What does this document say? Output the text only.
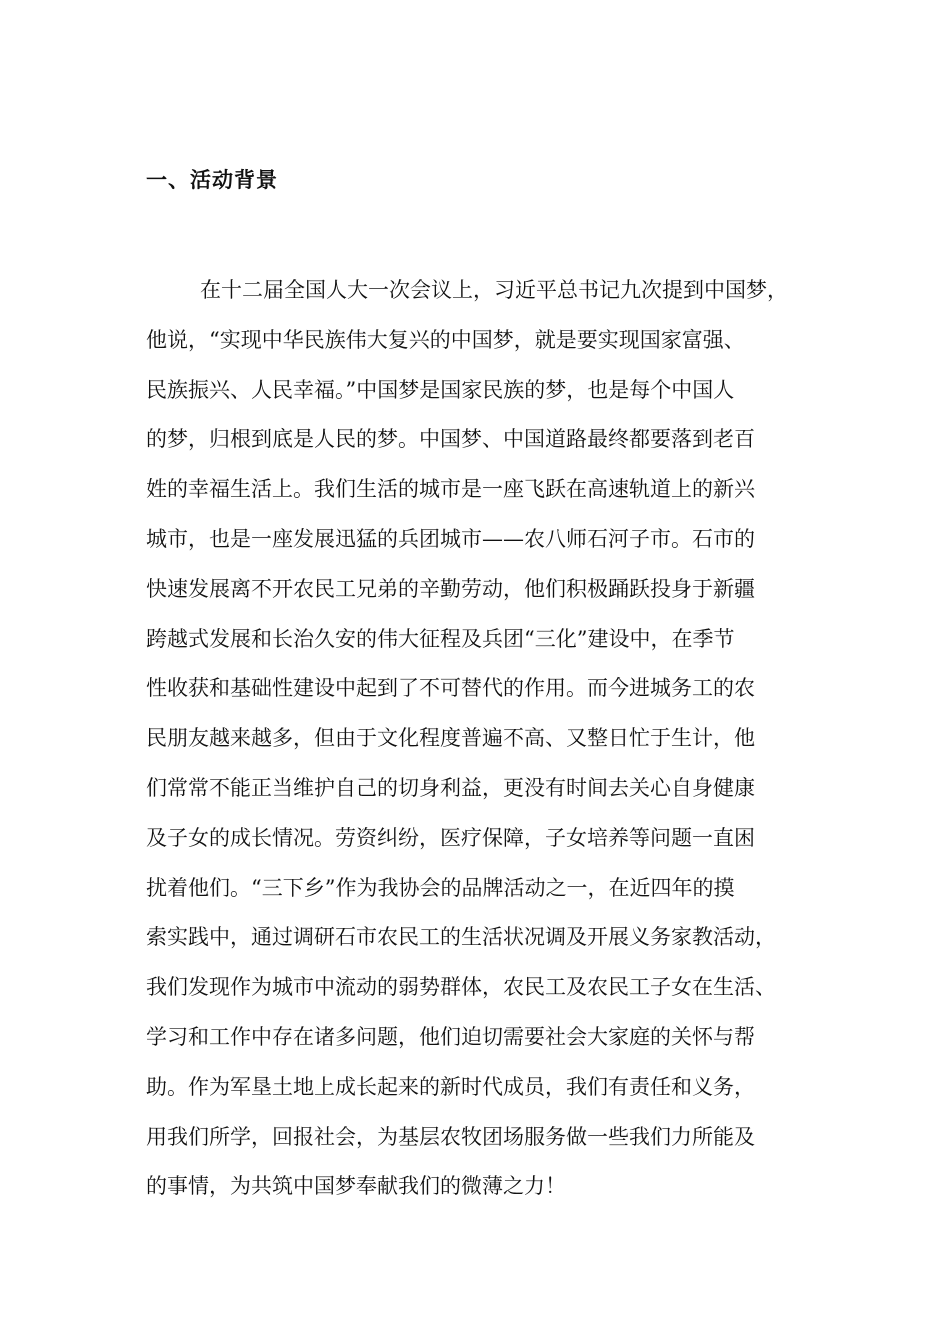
一、活动背景
在十二届全国人大一次会议上，习近平总书记九次提到中国梦，
他说，“实现中华民族伟大复兴的中国梦，就是要实现国家富强、
民族振兴、人民幸福。”中国梦是国家民族的梦，也是每个中国人
的梦，归根到底是人民的梦。中国梦、中国道路最终都要落到老百
姓的幸福生活上。我们生活的城市是一座飞跃在高速轨道上的新兴
城市，也是一座发展迅猛的兵团城市——农八师石河子市。石市的
快速发展离不开农民工兄弟的辛勤劳动，他们积极踊跃投身于新疆
跨越式发展和长治久安的伟大征程及兵团“三化”建设中，在季节
性收获和基础性建设中起到了不可替代的作用。而今进城务工的农
民朋友越来越多，但由于文化程度普遍不高、又整日忙于生计，他
们常常不能正当维护自己的切身利益，更没有时间去关心自身健康
及子女的成长情况。劳资纠纷，医疗保障，子女培养等问题一直困
扰着他们。“三下乡”作为我协会的品牌活动之一，在近四年的摸
索实践中，通过调研石市农民工的生活状况调及开展义务家教活动，
我们发现作为城市中流动的弱势群体，农民工及农民工子女在生活、
学习和工作中存在诸多问题，他们迫切需要社会大家庭的关怀与帮
助。作为军垦土地上成长起来的新时代成员，我们有责任和义务，
用我们所学，回报社会，为基层农牧团场服务做一些我们力所能及
的事情，为共筑中国梦奉献我们的微薄之力！
